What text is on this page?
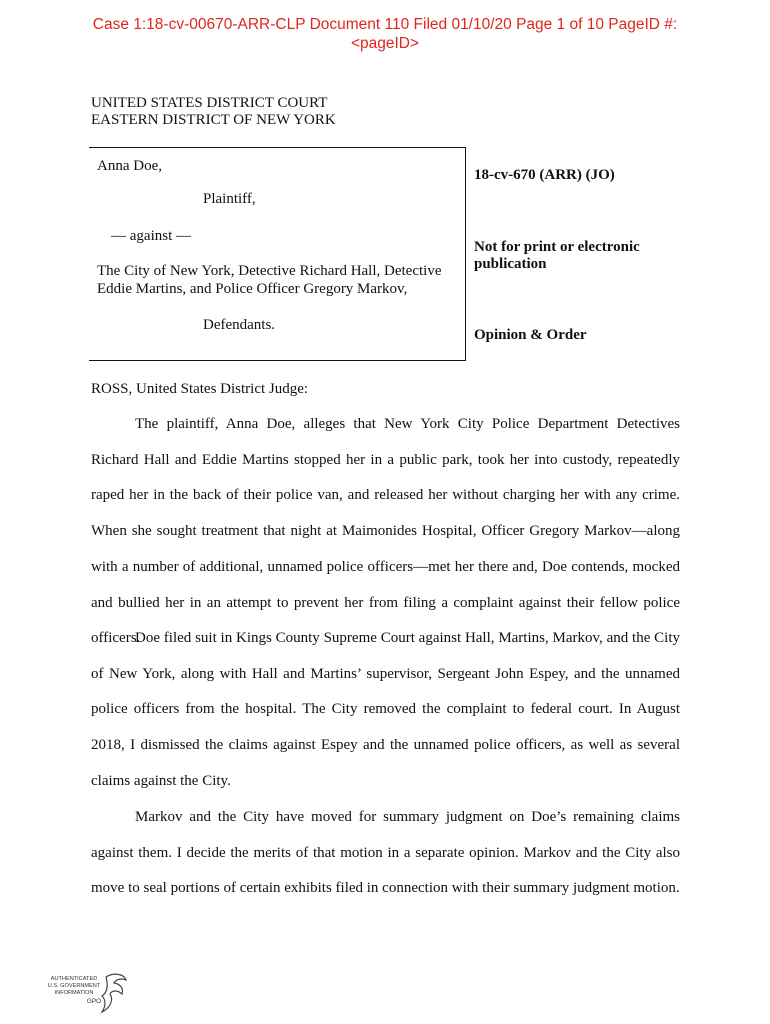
Case 1:18-cv-00670-ARR-CLP Document 110 Filed 01/10/20 Page 1 of 10 PageID #:
<pageID>
UNITED STATES DISTRICT COURT
EASTERN DISTRICT OF NEW YORK
Anna Doe,
Plaintiff,
— against —
The City of New York, Detective Richard Hall, Detective
Eddie Martins, and Police Officer Gregory Markov,
Defendants.
18-cv-670 (ARR) (JO)
Not for print or electronic
publication
Opinion & Order
ROSS, United States District Judge:

The plaintiff, Anna Doe, alleges that New York City Police Department Detectives Richard Hall and Eddie Martins stopped her in a public park, took her into custody, repeatedly raped her in the back of their police van, and released her without charging her with any crime. When she sought treatment that night at Maimonides Hospital, Officer Gregory Markov—along with a number of additional, unnamed police officers—met her there and, Doe contends, mocked and bullied her in an attempt to prevent her from filing a complaint against their fellow police officers.

Doe filed suit in Kings County Supreme Court against Hall, Martins, Markov, and the City of New York, along with Hall and Martins’ supervisor, Sergeant John Espey, and the unnamed police officers from the hospital. The City removed the complaint to federal court. In August 2018, I dismissed the claims against Espey and the unnamed police officers, as well as several claims against the City.

Markov and the City have moved for summary judgment on Doe’s remaining claims against them. I decide the merits of that motion in a separate opinion. Markov and the City also move to seal portions of certain exhibits filed in connection with their summary judgment motion.

AUTHENTICATED
U.S. GOVERNMENT
INFORMATION
GPO
